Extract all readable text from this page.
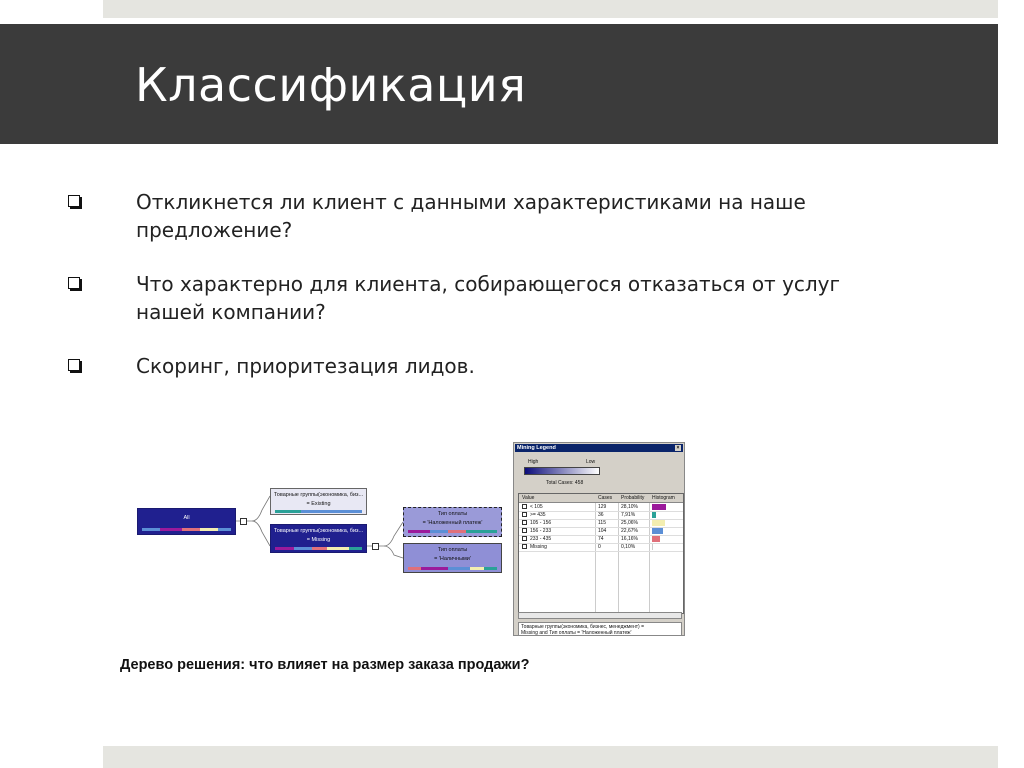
Классификация
Откликнется ли клиент с данными характеристиками на наше
предложение?
Что характерно для клиента, собирающегося отказаться от услуг
нашей компании?
Скоринг, приоритезация лидов.
All
Товарные группы(экономика, биз...
= Existing
Товарные группы(экономика, биз...
= Missing
Тип оплаты
= 'Наложенный платеж'
Тип оплаты
= 'Наличными'
Mining Legend	×
High	Low
Total Cases: 458
Value	Cases Probability Histogram
< 105	129	28,10%
>= 435	36	7,91%
105 - 156	115	25,06%
156 - 233	104	22,67%
233 - 435	74	16,16%
Missing	0	0,10%
Товарные группы(экономика, бизнес, менеджмент) =
Missing and Тип оплаты = 'Наложенный платеж'
Дерево решения: что влияет на размер заказа продажи?
